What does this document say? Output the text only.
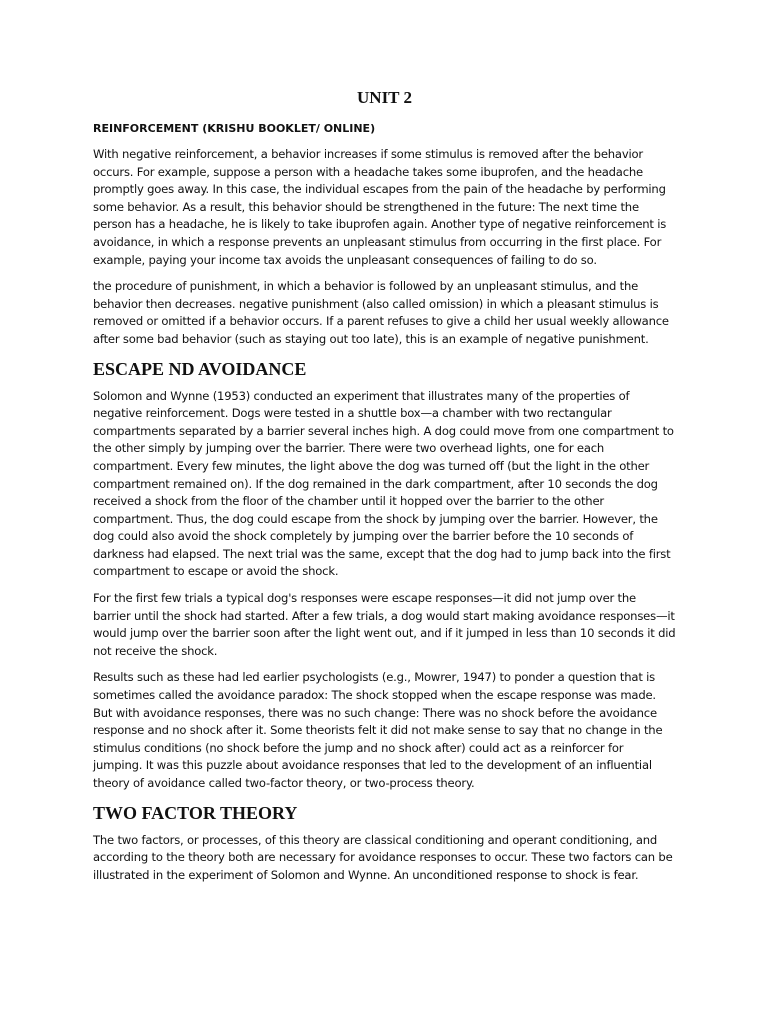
UNIT 2
REINFORCEMENT (KRISHU BOOKLET/ ONLINE)

With negative reinforcement, a behavior increases if some stimulus is removed after the behavior occurs. For example, suppose a person with a headache takes some ibuprofen, and the headache promptly goes away. In this case, the individual escapes from the pain of the headache by performing some behavior. As a result, this behavior should be strengthened in the future: The next time the person has a headache, he is likely to take ibuprofen again. Another type of negative reinforcement is avoidance, in which a response prevents an unpleasant stimulus from occurring in the first place. For example, paying your income tax avoids the unpleasant consequences of failing to do so.

the procedure of punishment, in which a behavior is followed by an unpleasant stimulus, and the behavior then decreases. negative punishment (also called omission) in which a pleasant stimulus is removed or omitted if a behavior occurs. If a parent refuses to give a child her usual weekly allowance after some bad behavior (such as staying out too late), this is an example of negative punishment.

ESCAPE ND AVOIDANCE

Solomon and Wynne (1953) conducted an experiment that illustrates many of the properties of negative reinforcement. Dogs were tested in a shuttle box—a chamber with two rectangular compartments separated by a barrier several inches high. A dog could move from one compartment to the other simply by jumping over the barrier. There were two overhead lights, one for each compartment. Every few minutes, the light above the dog was turned off (but the light in the other compartment remained on). If the dog remained in the dark compartment, after 10 seconds the dog received a shock from the floor of the chamber until it hopped over the barrier to the other compartment. Thus, the dog could escape from the shock by jumping over the barrier. However, the dog could also avoid the shock completely by jumping over the barrier before the 10 seconds of darkness had elapsed. The next trial was the same, except that the dog had to jump back into the first compartment to escape or avoid the shock.

For the first few trials a typical dog's responses were escape responses—it did not jump over the barrier until the shock had started. After a few trials, a dog would start making avoidance responses—it would jump over the barrier soon after the light went out, and if it jumped in less than 10 seconds it did not receive the shock.

Results such as these had led earlier psychologists (e.g., Mowrer, 1947) to ponder a question that is sometimes called the avoidance paradox: The shock stopped when the escape response was made. But with avoidance responses, there was no such change: There was no shock before the avoidance response and no shock after it. Some theorists felt it did not make sense to say that no change in the stimulus conditions (no shock before the jump and no shock after) could act as a reinforcer for jumping. It was this puzzle about avoidance responses that led to the development of an influential theory of avoidance called two-factor theory, or two-process theory.

TWO FACTOR THEORY

The two factors, or processes, of this theory are classical conditioning and operant conditioning, and according to the theory both are necessary for avoidance responses to occur. These two factors can be illustrated in the experiment of Solomon and Wynne. An unconditioned response to shock is fear.
